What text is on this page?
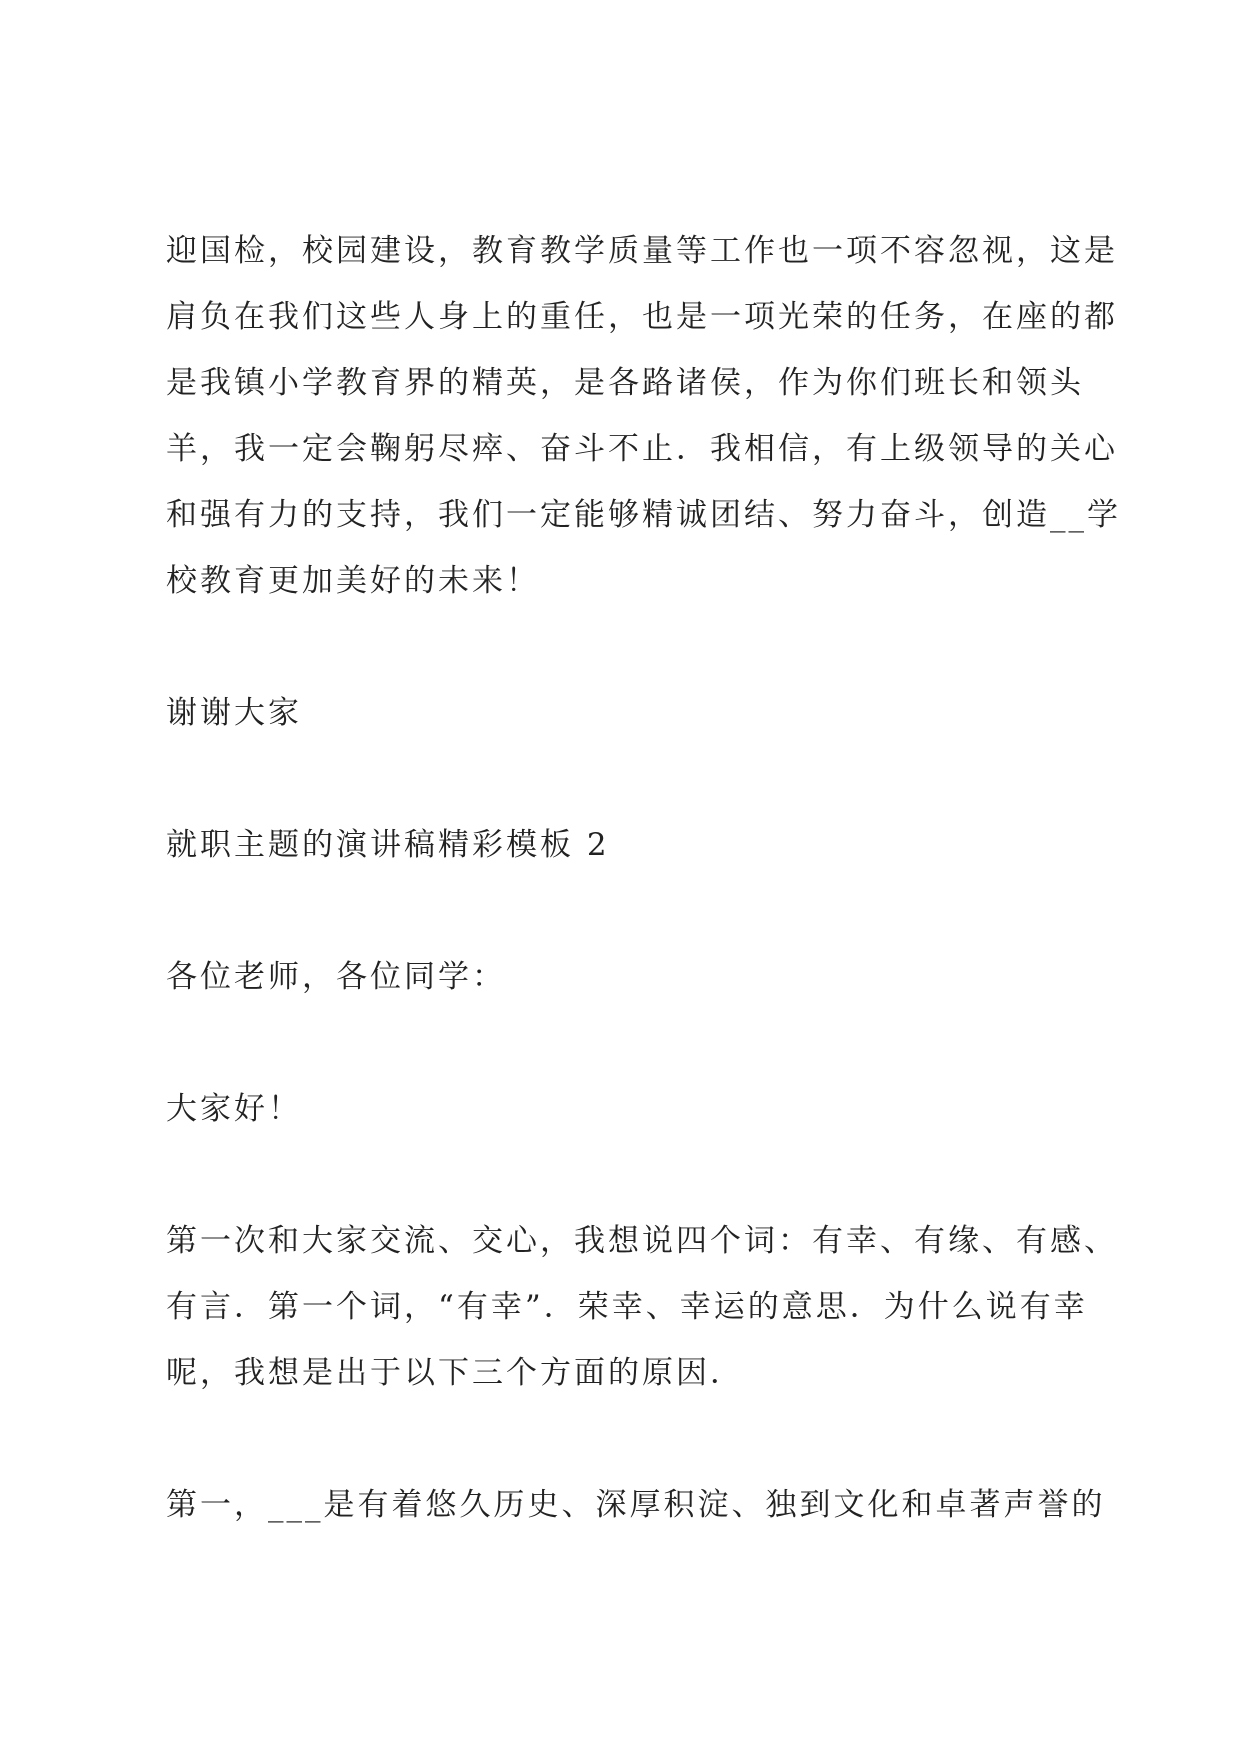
迎国检，校园建设，教育教学质量等工作也一项不容忽视，这是
肩负在我们这些人身上的重任，也是一项光荣的任务，在座的都
是我镇小学教育界的精英，是各路诸侯，作为你们班长和领头
羊，我一定会鞠躬尽瘁、奋斗不止．我相信，有上级领导的关心
和强有力的支持，我们一定能够精诚团结、努力奋斗，创造__学
校教育更加美好的未来！
谢谢大家
就职主题的演讲稿精彩模板 2
各位老师，各位同学：
大家好！
第一次和大家交流、交心，我想说四个词：有幸、有缘、有感、
有言．第一个词，“有幸”．荣幸、幸运的意思．为什么说有幸
呢，我想是出于以下三个方面的原因．
第一，___是有着悠久历史、深厚积淀、独到文化和卓著声誉的
